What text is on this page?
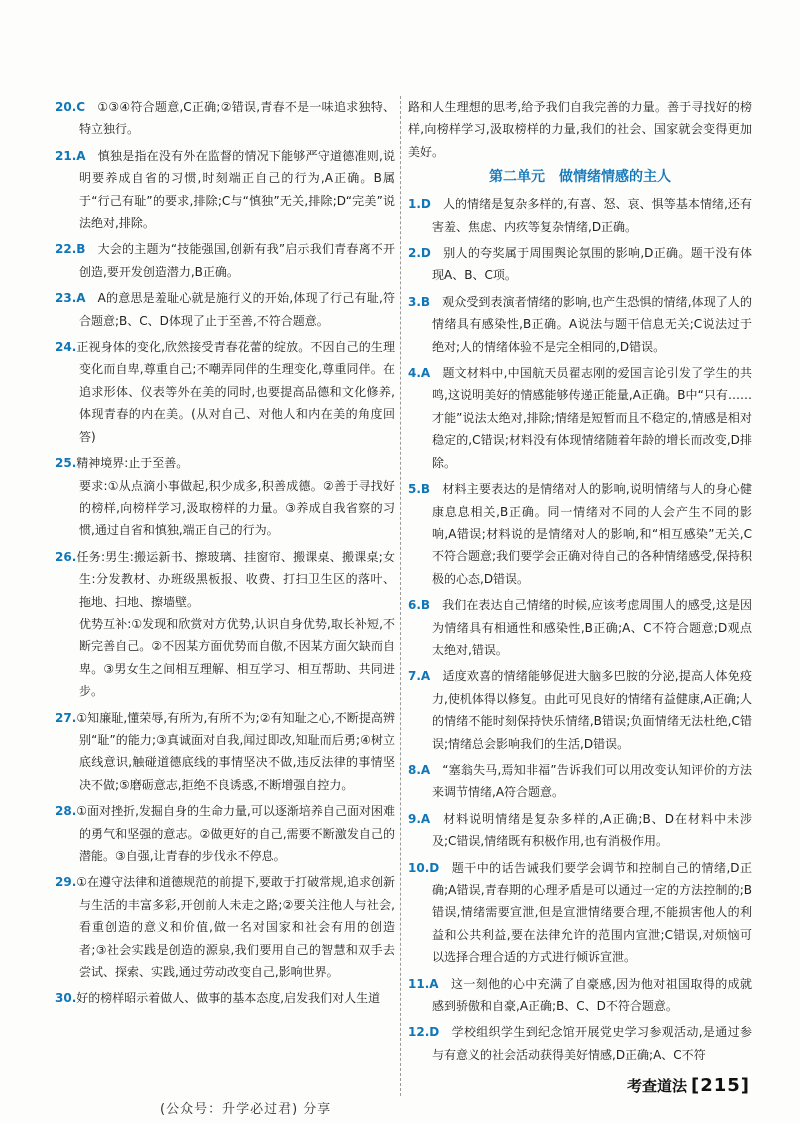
20.C  ①③④符合题意,C正确;②错误,青春不是一味追求独特、特立独行。
21.A  慎独是指在没有外在监督的情况下能够严守道德准则,说明要养成自省的习惯,时刻端正自己的行为,A正确。B属于“行己有耻”的要求,排除;C与“慎独”无关,排除;D“完美”说法绝对,排除。
22.B  大会的主题为“技能强国,创新有我”启示我们青春离不开创造,要开发创造潜力,B正确。
23.A  A的意思是羞耻心就是施行义的开始,体现了行己有耻,符合题意;B、C、D体现了止于至善,不符合题意。
24.正视身体的变化,欣然接受青春花蕾的绽放。不因自己的生理变化而自卑,尊重自己;不嘲弄同伴的生理变化,尊重同伴。在追求形体、仪表等外在美的同时,也要提高品德和文化修养,体现青春的内在美。(从对自己、对他人和内在美的角度回答)
25.精神境界:止于至善。
要求:①从点滴小事做起,积少成多,积善成德。②善于寻找好的榜样,向榜样学习,汲取榜样的力量。③养成自我省察的习惯,通过自省和慎独,端正自己的行为。
26.任务:男生:搬运新书、擦玻璃、挂窗帘、搬课桌、搬课桌;女生:分发教材、办班级黑板报、收费、打扫卫生区的落叶、拖地、扫地、擦墙壁。
优势互补:①发现和欣赏对方优势,认识自身优势,取长补短,不断完善自己。②不因某方面优势而自傲,不因某方面欠缺而自卑。③男女生之间相互理解、相互学习、相互帮助、共同进步。
27.①知廉耻,懂荣辱,有所为,有所不为;②有知耻之心,不断提高辨别“耻”的能力;③真诚面对自我,闻过即改,知耻而后勇;④树立底线意识,触碰道德底线的事情坚决不做,违反法律的事情坚决不做;⑤磨砺意志,拒绝不良诱惑,不断增强自控力。
28.①面对挫折,发掘自身的生命力量,可以逐渐培养自己面对困难的勇气和坚强的意志。②做更好的自己,需要不断激发自己的潜能。③自强,让青春的步伐永不停息。
29.①在遵守法律和道德规范的前提下,要敢于打破常规,追求创新与生活的丰富多彩,开创前人未走之路;②要关注他人与社会,看重创造的意义和价值,做一名对国家和社会有用的创造者;③社会实践是创造的源泉,我们要用自己的智慧和双手去尝试、探索、实践,通过劳动改变自己,影响世界。
30.好的榜样昭示着做人、做事的基本态度,启发我们对人生道
路和人生理想的思考,给予我们自我完善的力量。善于寻找好的榜样,向榜样学习,汲取榜样的力量,我们的社会、国家就会变得更加美好。
第二单元　做情绪情感的主人
1.D  人的情绪是复杂多样的,有喜、怒、哀、惧等基本情绪,还有害羞、焦虑、内疚等复杂情绪,D正确。
2.D  别人的夸奖属于周围舆论氛围的影响,D正确。题干没有体现A、B、C项。
3.B  观众受到表演者情绪的影响,也产生恐惧的情绪,体现了人的情绪具有感染性,B正确。A说法与题干信息无关;C说法过于绝对;人的情绪体验不是完全相同的,D错误。
4.A  题文材料中,中国航天员翟志刚的爱国言论引发了学生的共鸣,这说明美好的情感能够传递正能量,A正确。B中“只有……才能”说法太绝对,排除;情绪是短暂而且不稳定的,情感是相对稳定的,C错误;材料没有体现情绪随着年龄的增长而改变,D排除。
5.B  材料主要表达的是情绪对人的影响,说明情绪与人的身心健康息息相关,B正确。同一情绪对不同的人会产生不同的影响,A错误;材料说的是情绪对人的影响,和“相互感染”无关,C不符合题意;我们要学会正确对待自己的各种情绪感受,保持积极的心态,D错误。
6.B  我们在表达自己情绪的时候,应该考虑周围人的感受,这是因为情绪具有相通性和感染性,B正确;A、C不符合题意;D观点太绝对,错误。
7.A  适度欢喜的情绪能够促进大脑多巴胺的分泌,提高人体免疫力,使机体得以修复。由此可见良好的情绪有益健康,A正确;人的情绪不能时刻保持快乐情绪,B错误;负面情绪无法杜绝,C错误;情绪总会影响我们的生活,D错误。
8.A  “塞翁失马,焉知非福”告诉我们可以用改变认知评价的方法来调节情绪,A符合题意。
9.A  材料说明情绪是复杂多样的,A正确;B、D在材料中未涉及;C错误,情绪既有积极作用,也有消极作用。
10.D  题干中的话告诫我们要学会调节和控制自己的情绪,D正确;A错误,青春期的心理矛盾是可以通过一定的方法控制的;B错误,情绪需要宣泄,但是宣泄情绪要合理,不能损害他人的利益和公共利益,要在法律允许的范围内宣泄;C错误,对烦恼可以选择合理合适的方式进行倾诉宣泄。
11.A  这一刻他的心中充满了自豪感,因为他对祖国取得的成就感到骄傲和自豪,A正确;B、C、D不符合题意。
12.D  学校组织学生到纪念馆开展党史学习参观活动,是通过参与有意义的社会活动获得美好情感,D正确;A、C不符
考查道法 [215]
(公众号：升学必过君) 分享
